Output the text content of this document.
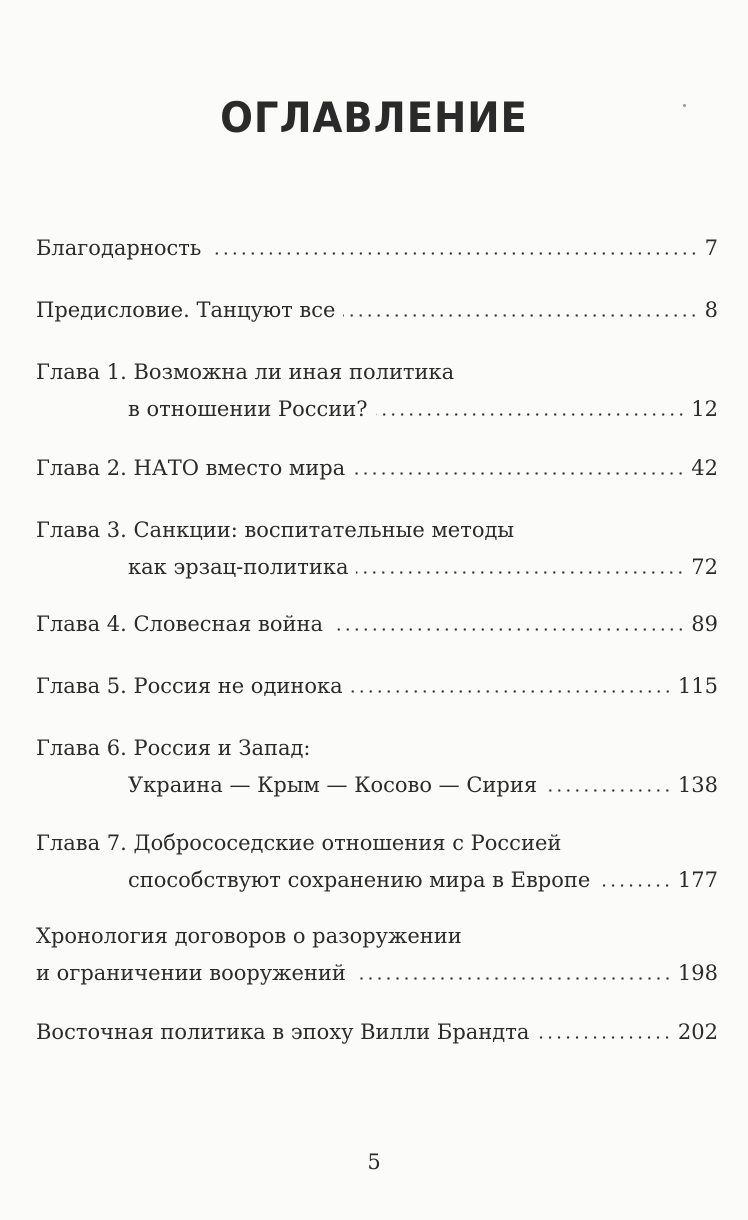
ОГЛАВЛЕНИЕ
Благодарность	7
Предисловие. Танцуют все	8
Глава 1. Возможна ли иная политика
в отношении России?	12
Глава 2. НАТО вместо мира	42
Глава 3. Санкции: воспитательные методы
как эрзац-политика	72
Глава 4. Словесная война	89
Глава 5. Россия не одинока	115
Глава 6. Россия и Запад:
Украина — Крым — Косово — Сирия	138
Глава 7. Добрососедские отношения с Россией
способствуют сохранению мира в Европе	177
Хронология договоров о разоружении
и ограничении вооружений	198
Восточная политика в эпоху Вилли Брандта	202
5
